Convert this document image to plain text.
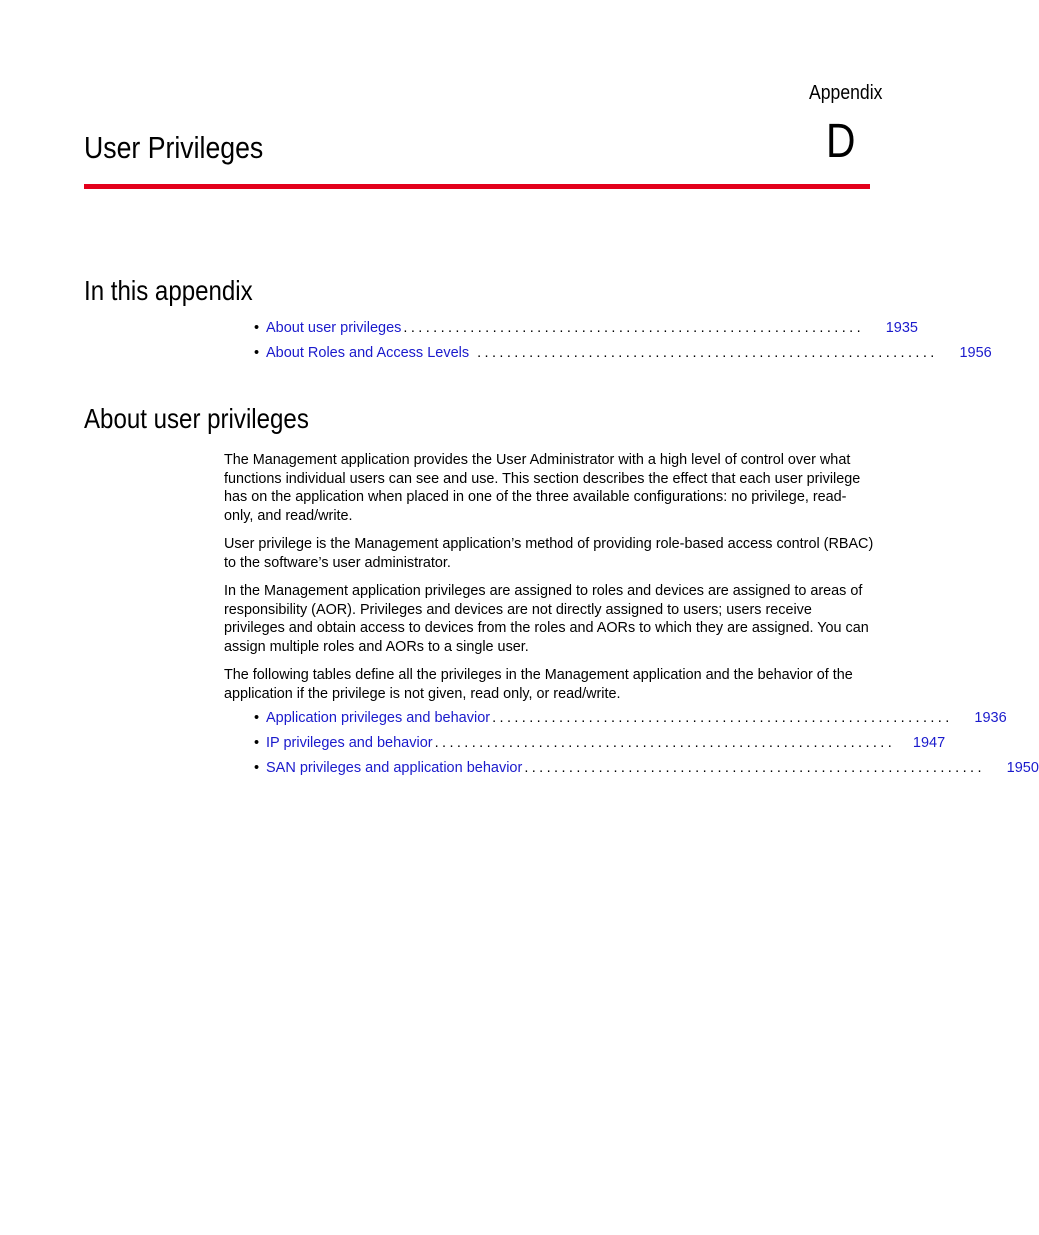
Appendix
D
User Privileges
In this appendix
• About user privileges ..............................................................	1935
• About Roles and Access Levels ..............................................................	1956
About user privileges

The Management application provides the User Administrator with a high level of control over what functions individual users can see and use. This section describes the effect that each user privilege has on the application when placed in one of the three available configurations: no privilege, read-only, and read/write.

User privilege is the Management application’s method of providing role-based access control (RBAC) to the software’s user administrator.

In the Management application privileges are assigned to roles and devices are assigned to areas of responsibility (AOR). Privileges and devices are not directly assigned to users; users receive privileges and obtain access to devices from the roles and AORs to which they are assigned. You can assign multiple roles and AORs to a single user.

The following tables define all the privileges in the Management application and the behavior of the application if the privilege is not given, read only, or read/write.

• Application privileges and behavior ..............................................................	1936
• IP privileges and behavior ..............................................................	1947
• SAN privileges and application behavior ..............................................................	1950
